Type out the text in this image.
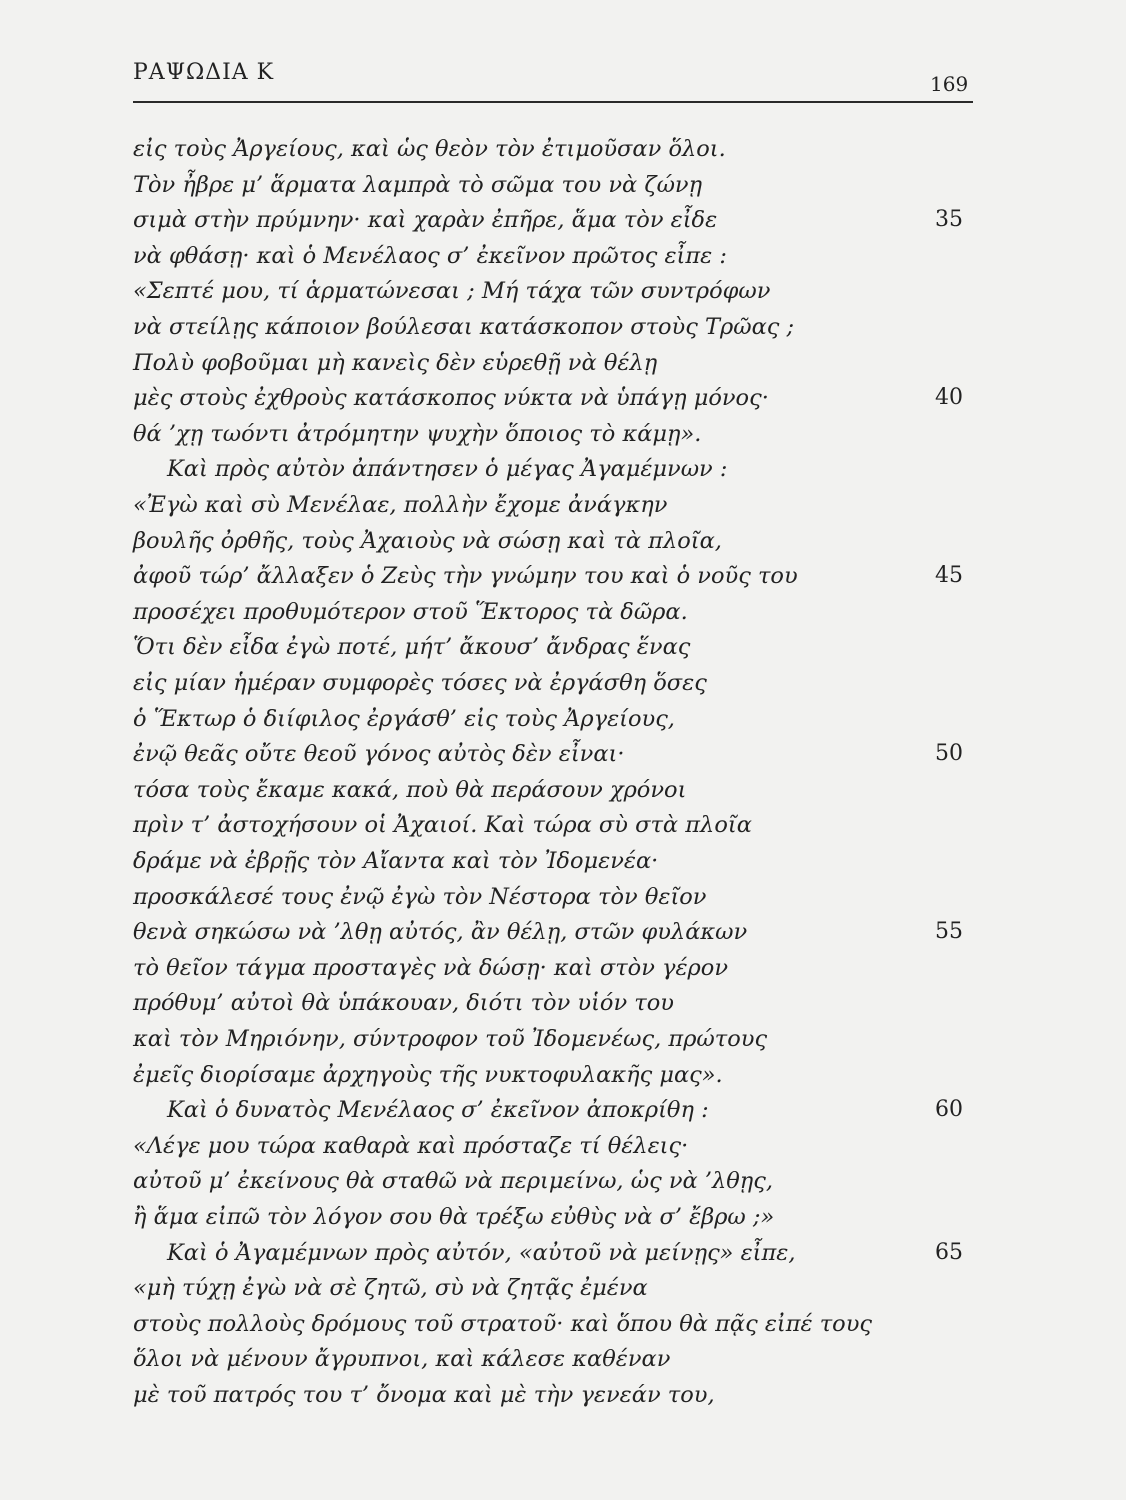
ΡΑΨΩΔΙΑ Κ	169
εἰς τοὺς Ἀργείους, καὶ ὡς θεὸν τὸν ἐτιμοῦσαν ὅλοι.
Τὸν ἦβρε μ’ ἅρματα λαμπρὰ τὸ σῶμα του νὰ ζώνῃ
σιμὰ στὴν πρύμνην· καὶ χαρὰν ἐπῆρε, ἅμα τὸν εἶδε	35
νὰ φθάσῃ· καὶ ὁ Μενέλαος σ’ ἐκεῖνον πρῶτος εἶπε :
«Σεπτέ μου, τί ἁρματώνεσαι ; Μή τάχα τῶν συντρόφων
νὰ στείλῃς κάποιον βούλεσαι κατάσκοπον στοὺς Τρῶας ;
Πολὺ φοβοῦμαι μὴ κανεὶς δὲν εὑρεθῇ νὰ θέλῃ
μὲς στοὺς ἐχθροὺς κατάσκοπος νύκτα νὰ ὑπάγῃ μόνος·	40
θά ’χῃ τωόντι ἀτρόμητην ψυχὴν ὅποιος τὸ κάμῃ».
Καὶ πρὸς αὐτὸν ἀπάντησεν ὁ μέγας Ἀγαμέμνων :
«Ἐγὼ καὶ σὺ Μενέλαε, πολλὴν ἔχομε ἀνάγκην
βουλῆς ὀρθῆς, τοὺς Ἀχαιοὺς νὰ σώσῃ καὶ τὰ πλοῖα,
ἀφοῦ τώρ’ ἄλλαξεν ὁ Ζεὺς τὴν γνώμην του καὶ ὁ νοῦς του	45
προσέχει προθυμότερον στοῦ Ἕκτορος τὰ δῶρα.
Ὅτι δὲν εἶδα ἐγὼ ποτέ, μήτ’ ἄκουσ’ ἄνδρας ἕνας
εἰς μίαν ἡμέραν συμφορὲς τόσες νὰ ἐργάσθη ὅσες
ὁ Ἕκτωρ ὁ διίφιλος ἐργάσθ’ εἰς τοὺς Ἀργείους,
ἐνῷ θεᾶς οὔτε θεοῦ γόνος αὐτὸς δὲν εἶναι·	50
τόσα τοὺς ἔκαμε κακά, ποὺ θὰ περάσουν χρόνοι
πρὶν τ’ ἀστοχήσουν οἱ Ἀχαιοί. Καὶ τώρα σὺ στὰ πλοῖα
δράμε νὰ ἐβρῇς τὸν Αἴαντα καὶ τὸν Ἰδομενέα·
προσκάλεσέ τους ἐνῷ ἐγὼ τὸν Νέστορα τὸν θεῖον
θενὰ σηκώσω νὰ ’λθῃ αὐτός, ἂν θέλῃ, στῶν φυλάκων	55
τὸ θεῖον τάγμα προσταγὲς νὰ δώσῃ· καὶ στὸν γέρον
πρόθυμ’ αὐτοὶ θὰ ὑπάκουαν, διότι τὸν υἱόν του
καὶ τὸν Μηριόνην, σύντροφον τοῦ Ἰδομενέως, πρώτους
ἐμεῖς διορίσαμε ἀρχηγοὺς τῆς νυκτοφυλακῆς μας».
Καὶ ὁ δυνατὸς Μενέλαος σ’ ἐκεῖνον ἀποκρίθη :	60
«Λέγε μου τώρα καθαρὰ καὶ πρόσταζε τί θέλεις·
αὐτοῦ μ’ ἐκείνους θὰ σταθῶ νὰ περιμείνω, ὡς νὰ ’λθῃς,
ἢ ἅμα εἰπῶ τὸν λόγον σου θὰ τρέξω εὐθὺς νὰ σ’ ἔβρω ;»
Καὶ ὁ Ἀγαμέμνων πρὸς αὐτόν, «αὐτοῦ νὰ μείνῃς» εἶπε,	65
«μὴ τύχῃ ἐγὼ νὰ σὲ ζητῶ, σὺ νὰ ζητᾷς ἐμένα
στοὺς πολλοὺς δρόμους τοῦ στρατοῦ· καὶ ὅπου θὰ πᾷς εἰπέ τους
ὅλοι νὰ μένουν ἄγρυπνοι, καὶ κάλεσε καθέναν
μὲ τοῦ πατρός του τ’ ὄνομα καὶ μὲ τὴν γενεάν του,
